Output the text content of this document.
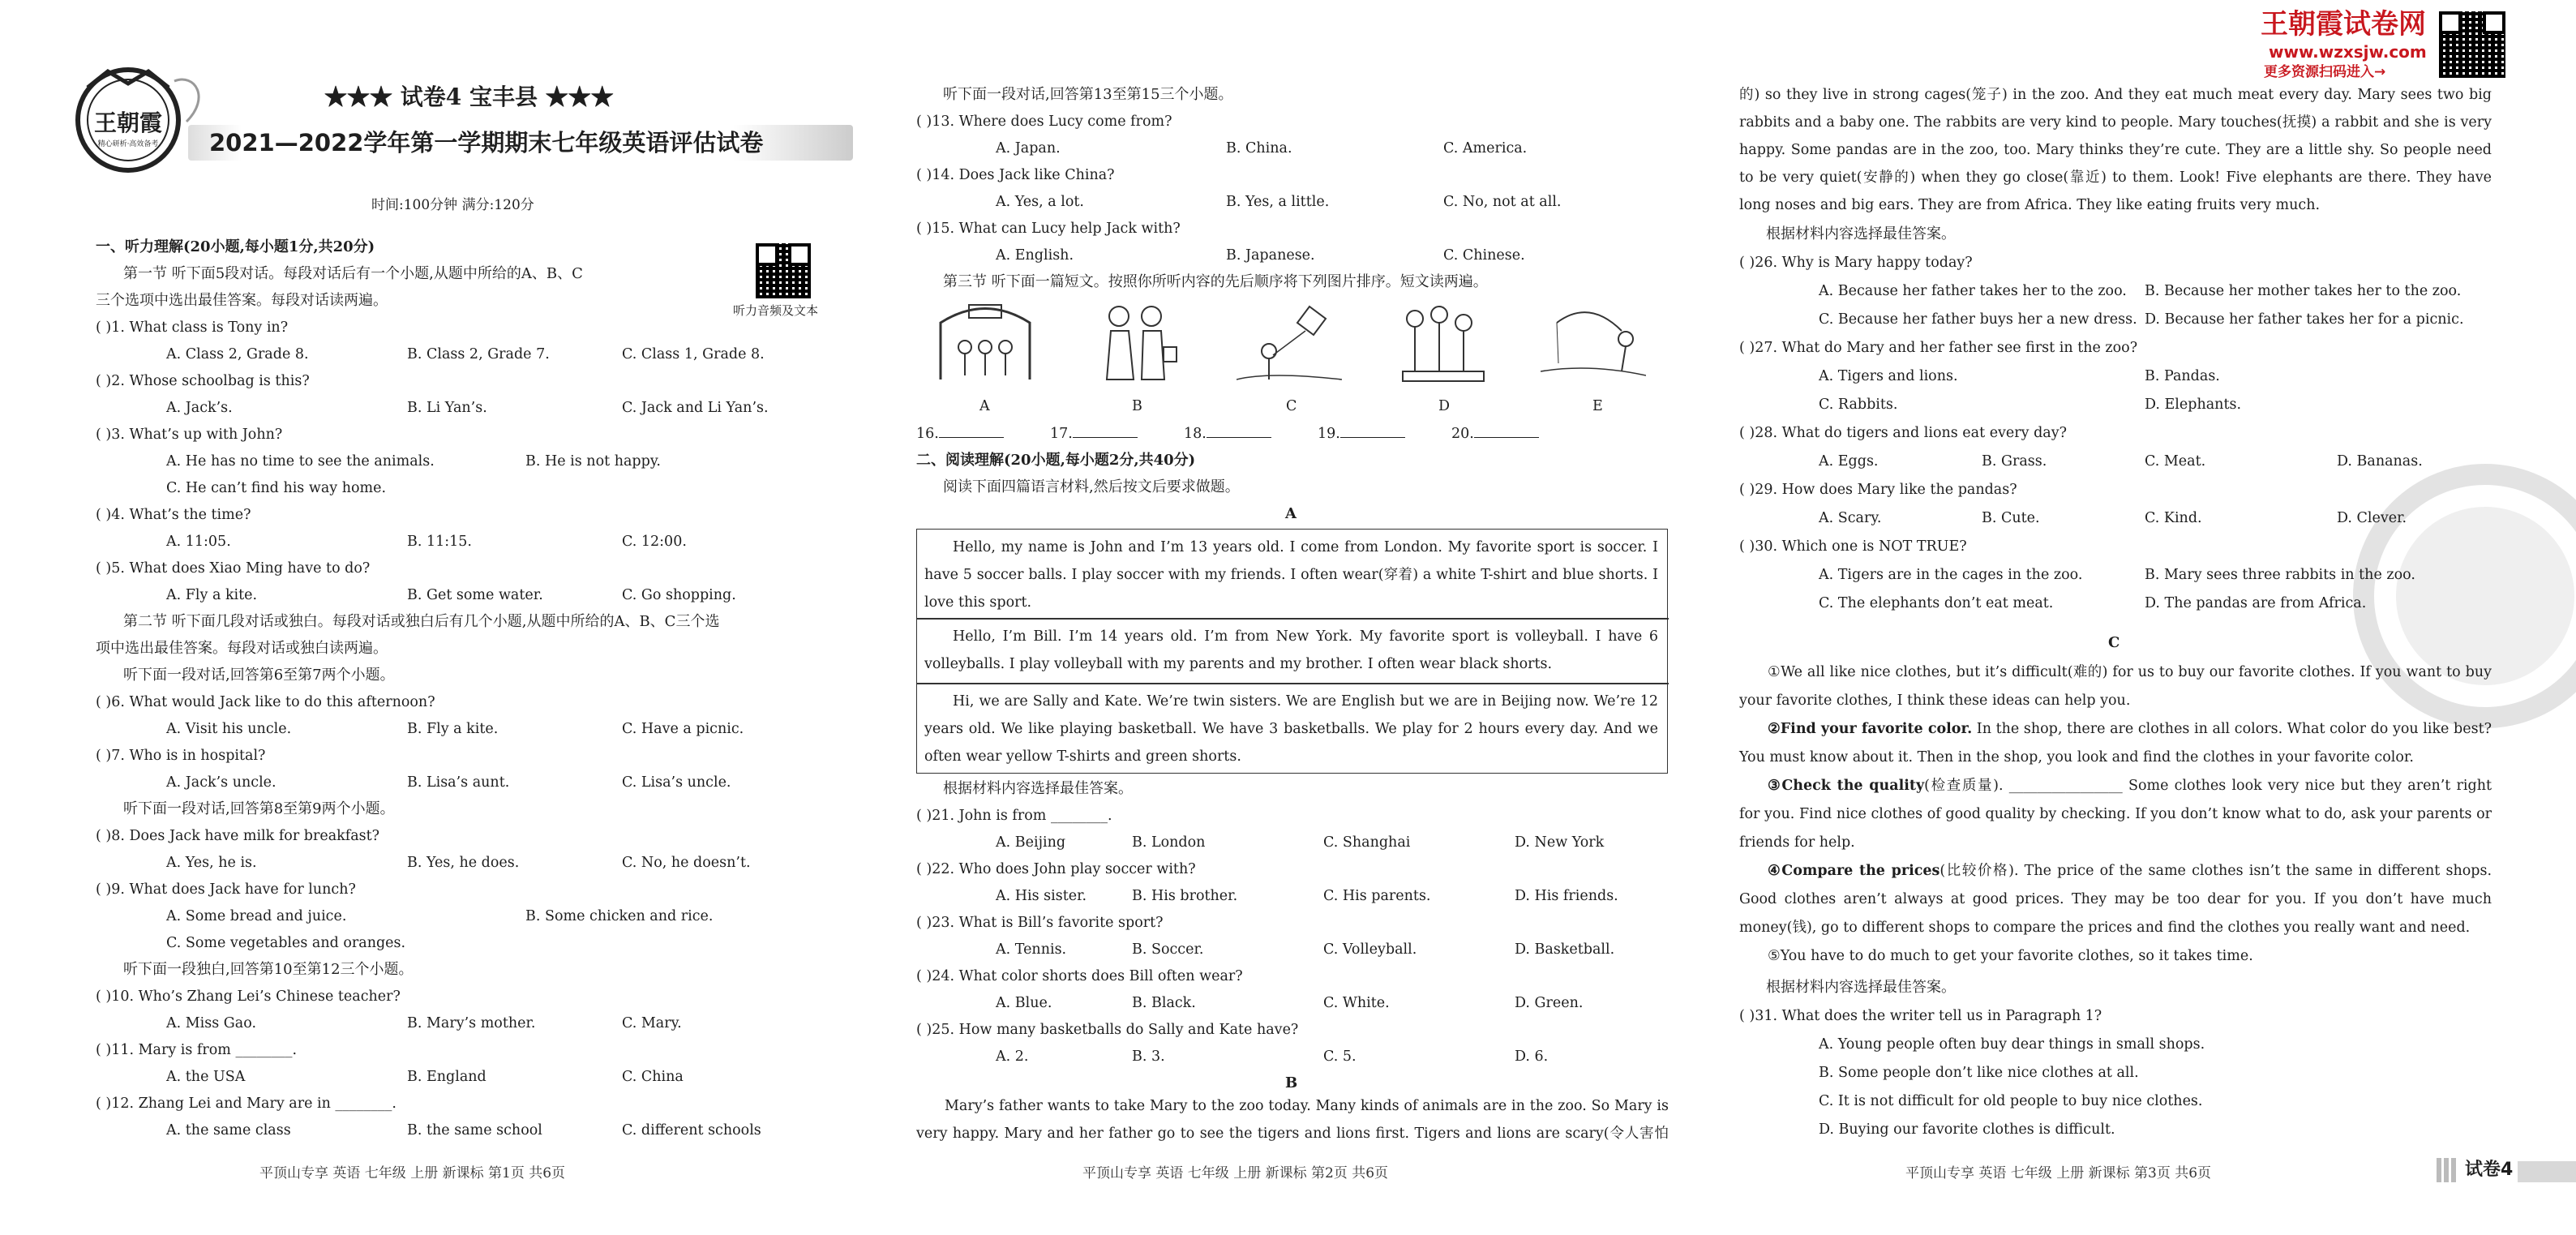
王朝霞
精心研析·高效备考
★★★ 试卷4 宝丰县 ★★★
2021—2022学年第一学期期末七年级英语评估试卷
时间:100分钟 满分:120分
听力音频及文本
一、听力理解(20小题,每小题1分,共20分)
第一节 听下面5段对话。每段对话后有一个小题,从题中所给的A、B、C
三个选项中选出最佳答案。每段对话读两遍。
( )1. What class is Tony in?
A. Class 2, Grade 8.	B. Class 2, Grade 7.	C. Class 1, Grade 8.
( )2. Whose schoolbag is this?
A. Jack’s.	B. Li Yan’s.	C. Jack and Li Yan’s.
( )3. What’s up with John?
A. He has no time to see the animals.	B. He is not happy.
C. He can’t find his way home.
( )4. What’s the time?
A. 11:05.	B. 11:15.	C. 12:00.
( )5. What does Xiao Ming have to do?
A. Fly a kite.	B. Get some water.	C. Go shopping.
第二节 听下面几段对话或独白。每段对话或独白后有几个小题,从题中所给的A、B、C三个选
项中选出最佳答案。每段对话或独白读两遍。
听下面一段对话,回答第6至第7两个小题。
( )6. What would Jack like to do this afternoon?
A. Visit his uncle.	B. Fly a kite.	C. Have a picnic.
( )7. Who is in hospital?
A. Jack’s uncle.	B. Lisa’s aunt.	C. Lisa’s uncle.
听下面一段对话,回答第8至第9两个小题。
( )8. Does Jack have milk for breakfast?
A. Yes, he is.	B. Yes, he does.	C. No, he doesn’t.
( )9. What does Jack have for lunch?
A. Some bread and juice.	B. Some chicken and rice.
C. Some vegetables and oranges.
听下面一段独白,回答第10至第12三个小题。
( )10. Who’s Zhang Lei’s Chinese teacher?
A. Miss Gao.	B. Mary’s mother.	C. Mary.
( )11. Mary is from ________.
A. the USA	B. England	C. China
( )12. Zhang Lei and Mary are in ________.
A. the same class	B. the same school	C. different schools
平顶山专享 英语 七年级 上册 新课标 第1页 共6页
听下面一段对话,回答第13至第15三个小题。
( )13. Where does Lucy come from?
A. Japan.	B. China.	C. America.
( )14. Does Jack like China?
A. Yes, a lot.	B. Yes, a little.	C. No, not at all.
( )15. What can Lucy help Jack with?
A. English.	B. Japanese.	C. Chinese.
第三节 听下面一篇短文。按照你所听内容的先后顺序将下列图片排序。短文读两遍。
A	B	C	D	E
16.	17.	18.	19.	20.
二、阅读理解(20小题,每小题2分,共40分)
阅读下面四篇语言材料,然后按文后要求做题。
A

Hello, my name is John and I’m 13 years old. I come from London. My favorite sport is soccer. I have 5 soccer balls. I play soccer with my friends. I often wear(穿着) a white T-shirt and blue shorts. I love this sport.

Hello, I’m Bill. I’m 14 years old. I’m from New York. My favorite sport is volleyball. I have 6 volleyballs. I play volleyball with my parents and my brother. I often wear black shorts.

Hi, we are Sally and Kate. We’re twin sisters. We are English but we are in Beijing now. We’re 12 years old. We like playing basketball. We have 3 basketballs. We play for 2 hours every day. And we often wear yellow T-shirts and green shorts.

根据材料内容选择最佳答案。
( )21. John is from ________.
A. Beijing	B. London	C. Shanghai	D. New York
( )22. Who does John play soccer with?
A. His sister.	B. His brother.	C. His parents.	D. His friends.
( )23. What is Bill’s favorite sport?
A. Tennis.	B. Soccer.	C. Volleyball.	D. Basketball.
( )24. What color shorts does Bill often wear?
A. Blue.	B. Black.	C. White.	D. Green.
( )25. How many basketballs do Sally and Kate have?
A. 2.	B. 3.	C. 5.	D. 6.
B

Mary’s father wants to take Mary to the zoo today. Many kinds of animals are in the zoo. So Mary is very happy. Mary and her father go to see the tigers and lions first. Tigers and lions are scary(令人害怕

的) so they live in strong cages(笼子) in the zoo. And they eat much meat every day. Mary sees two big rabbits and a baby one. The rabbits are very kind to people. Mary touches(抚摸) a rabbit and she is very happy. Some pandas are in the zoo, too. Mary thinks they’re cute. They are a little shy. So people need to be very quiet(安静的) when they go close(靠近) to them. Look! Five elephants are there. They have long noses and big ears. They are from Africa. They like eating fruits very much.

平顶山专享 英语 七年级 上册 新课标 第2页 共6页
王朝霞试卷网
www.wzxsjw.com
更多资源扫码进入→
根据材料内容选择最佳答案。
( )26. Why is Mary happy today?
A. Because her father takes her to the zoo. B. Because her mother takes her to the zoo.
C. Because her father buys her a new dress. D. Because her father takes her for a picnic.
( )27. What do Mary and her father see first in the zoo?
A. Tigers and lions.	B. Pandas.
C. Rabbits.	D. Elephants.
( )28. What do tigers and lions eat every day?
A. Eggs.	B. Grass.	C. Meat.	D. Bananas.
( )29. How does Mary like the pandas?
A. Scary.	B. Cute.	C. Kind.	D. Clever.
( )30. Which one is NOT TRUE?
A. Tigers are in the cages in the zoo.	B. Mary sees three rabbits in the zoo.
C. The elephants don’t eat meat.	D. The pandas are from Africa.
C

①We all like nice clothes, but it’s difficult(难的) for us to buy our favorite clothes. If you want to buy your favorite clothes, I think these ideas can help you.

②Find your favorite color. In the shop, there are clothes in all colors. What color do you like best? You must know about it. Then in the shop, you look and find the clothes in your favorite color.

③Check the quality(检查质量). ________________ Some clothes look very nice but they aren’t right for you. Find nice clothes of good quality by checking. If you don’t know what to do, ask your parents or friends for help.

④Compare the prices(比较价格). The price of the same clothes isn’t the same in different shops. Good clothes aren’t always at good prices. They may be too dear for you. If you don’t have much money(钱), go to different shops to compare the prices and find the clothes you really want and need.

⑤You have to do much to get your favorite clothes, so it takes time.

根据材料内容选择最佳答案。
( )31. What does the writer tell us in Paragraph 1?
A. Young people often buy dear things in small shops.
B. Some people don’t like nice clothes at all.
C. It is not difficult for old people to buy nice clothes.
D. Buying our favorite clothes is difficult.
平顶山专享 英语 七年级 上册 新课标 第3页 共6页	试卷4
